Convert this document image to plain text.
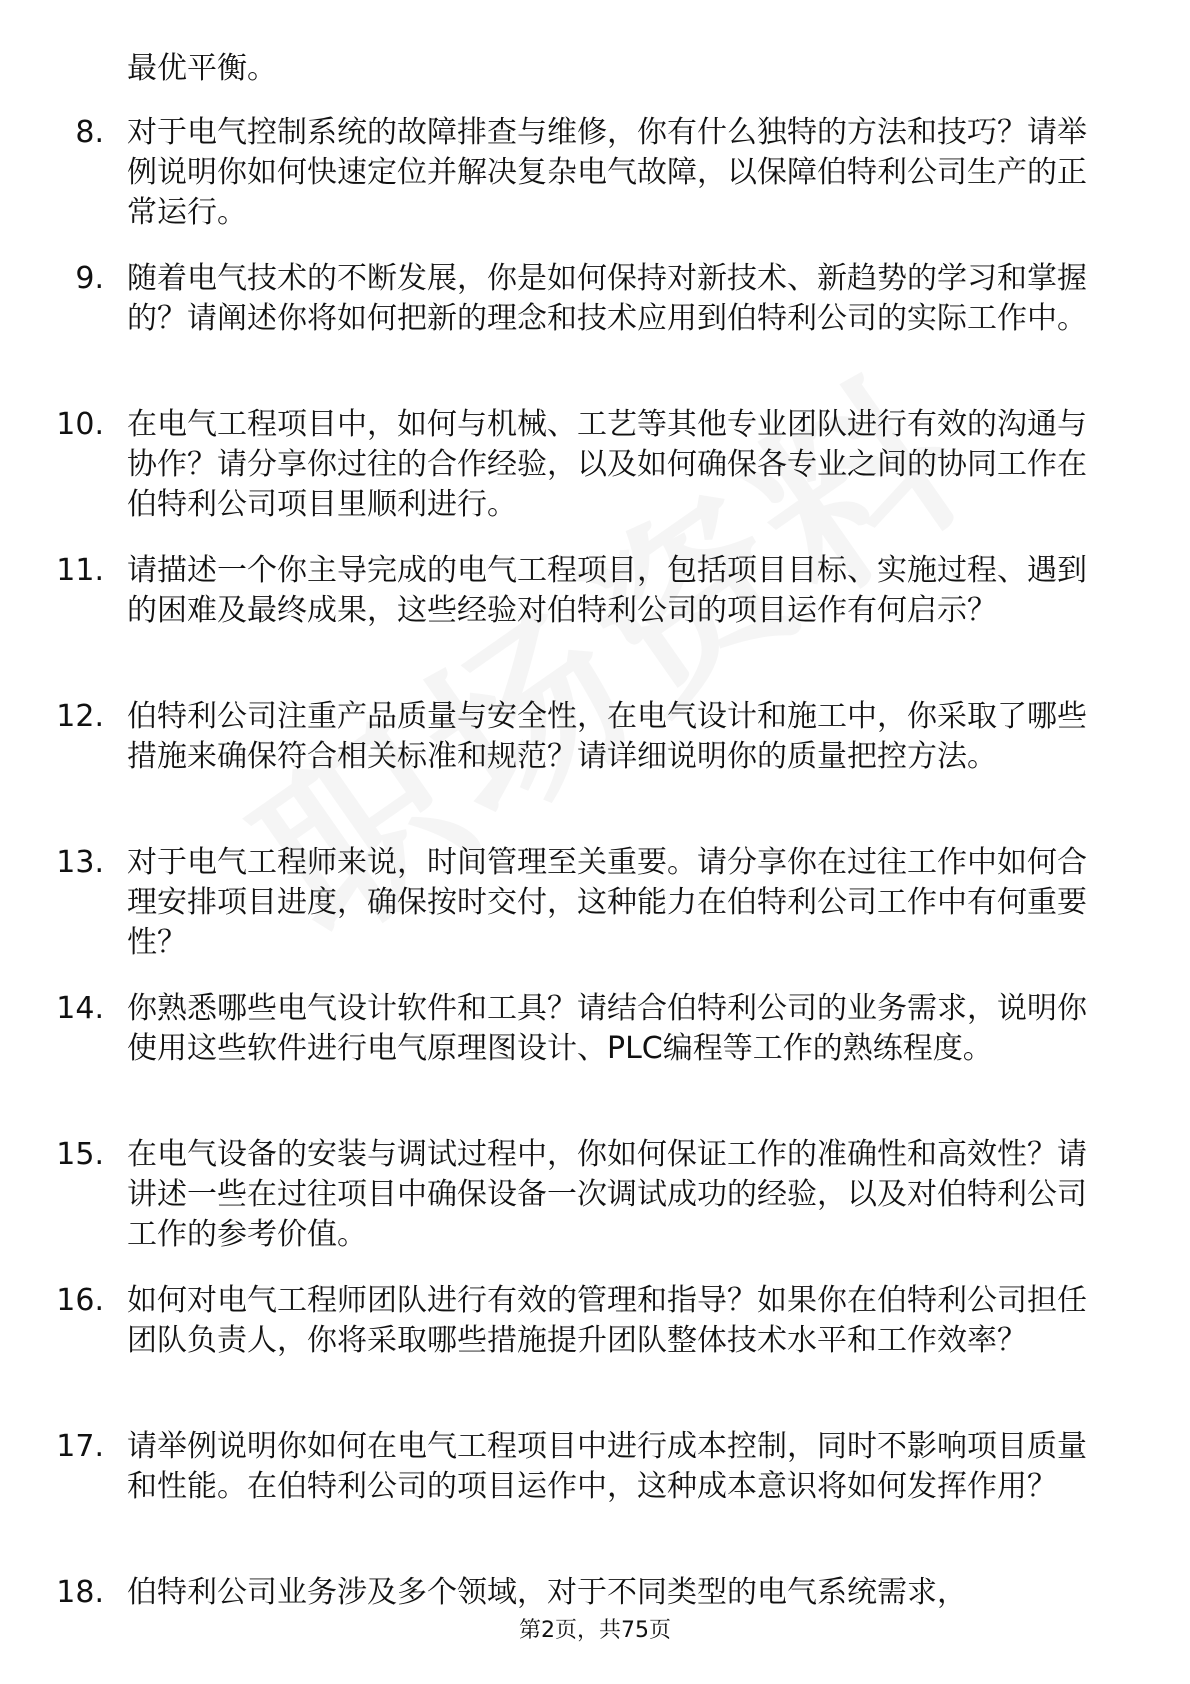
最优平衡。

8. 对于电气控制系统的故障排查与维修，你有什么独特的方法和技巧？请举例说明你如何快速定位并解决复杂电气故障，以保障伯特利公司生产的正常运行。

9. 随着电气技术的不断发展，你是如何保持对新技术、新趋势的学习和掌握的？请阐述你将如何把新的理念和技术应用到伯特利公司的实际工作中。

10. 在电气工程项目中，如何与机械、工艺等其他专业团队进行有效的沟通与协作？请分享你过往的合作经验，以及如何确保各专业之间的协同工作在伯特利公司项目里顺利进行。

11. 请描述一个你主导完成的电气工程项目，包括项目目标、实施过程、遇到的困难及最终成果，这些经验对伯特利公司的项目运作有何启示？

12. 伯特利公司注重产品质量与安全性，在电气设计和施工中，你采取了哪些措施来确保符合相关标准和规范？请详细说明你的质量把控方法。

13. 对于电气工程师来说，时间管理至关重要。请分享你在过往工作中如何合理安排项目进度，确保按时交付，这种能力在伯特利公司工作中有何重要性？

14. 你熟悉哪些电气设计软件和工具？请结合伯特利公司的业务需求，说明你使用这些软件进行电气原理图设计、PLC编程等工作的熟练程度。

15. 在电气设备的安装与调试过程中，你如何保证工作的准确性和高效性？请讲述一些在过往项目中确保设备一次调试成功的经验，以及对伯特利公司工作的参考价值。

16. 如何对电气工程师团队进行有效的管理和指导？如果你在伯特利公司担任团队负责人，你将采取哪些措施提升团队整体技术水平和工作效率？

17. 请举例说明你如何在电气工程项目中进行成本控制，同时不影响项目质量和性能。在伯特利公司的项目运作中，这种成本意识将如何发挥作用？

18. 伯特利公司业务涉及多个领域，对于不同类型的电气系统需求，

第2页，共75页
